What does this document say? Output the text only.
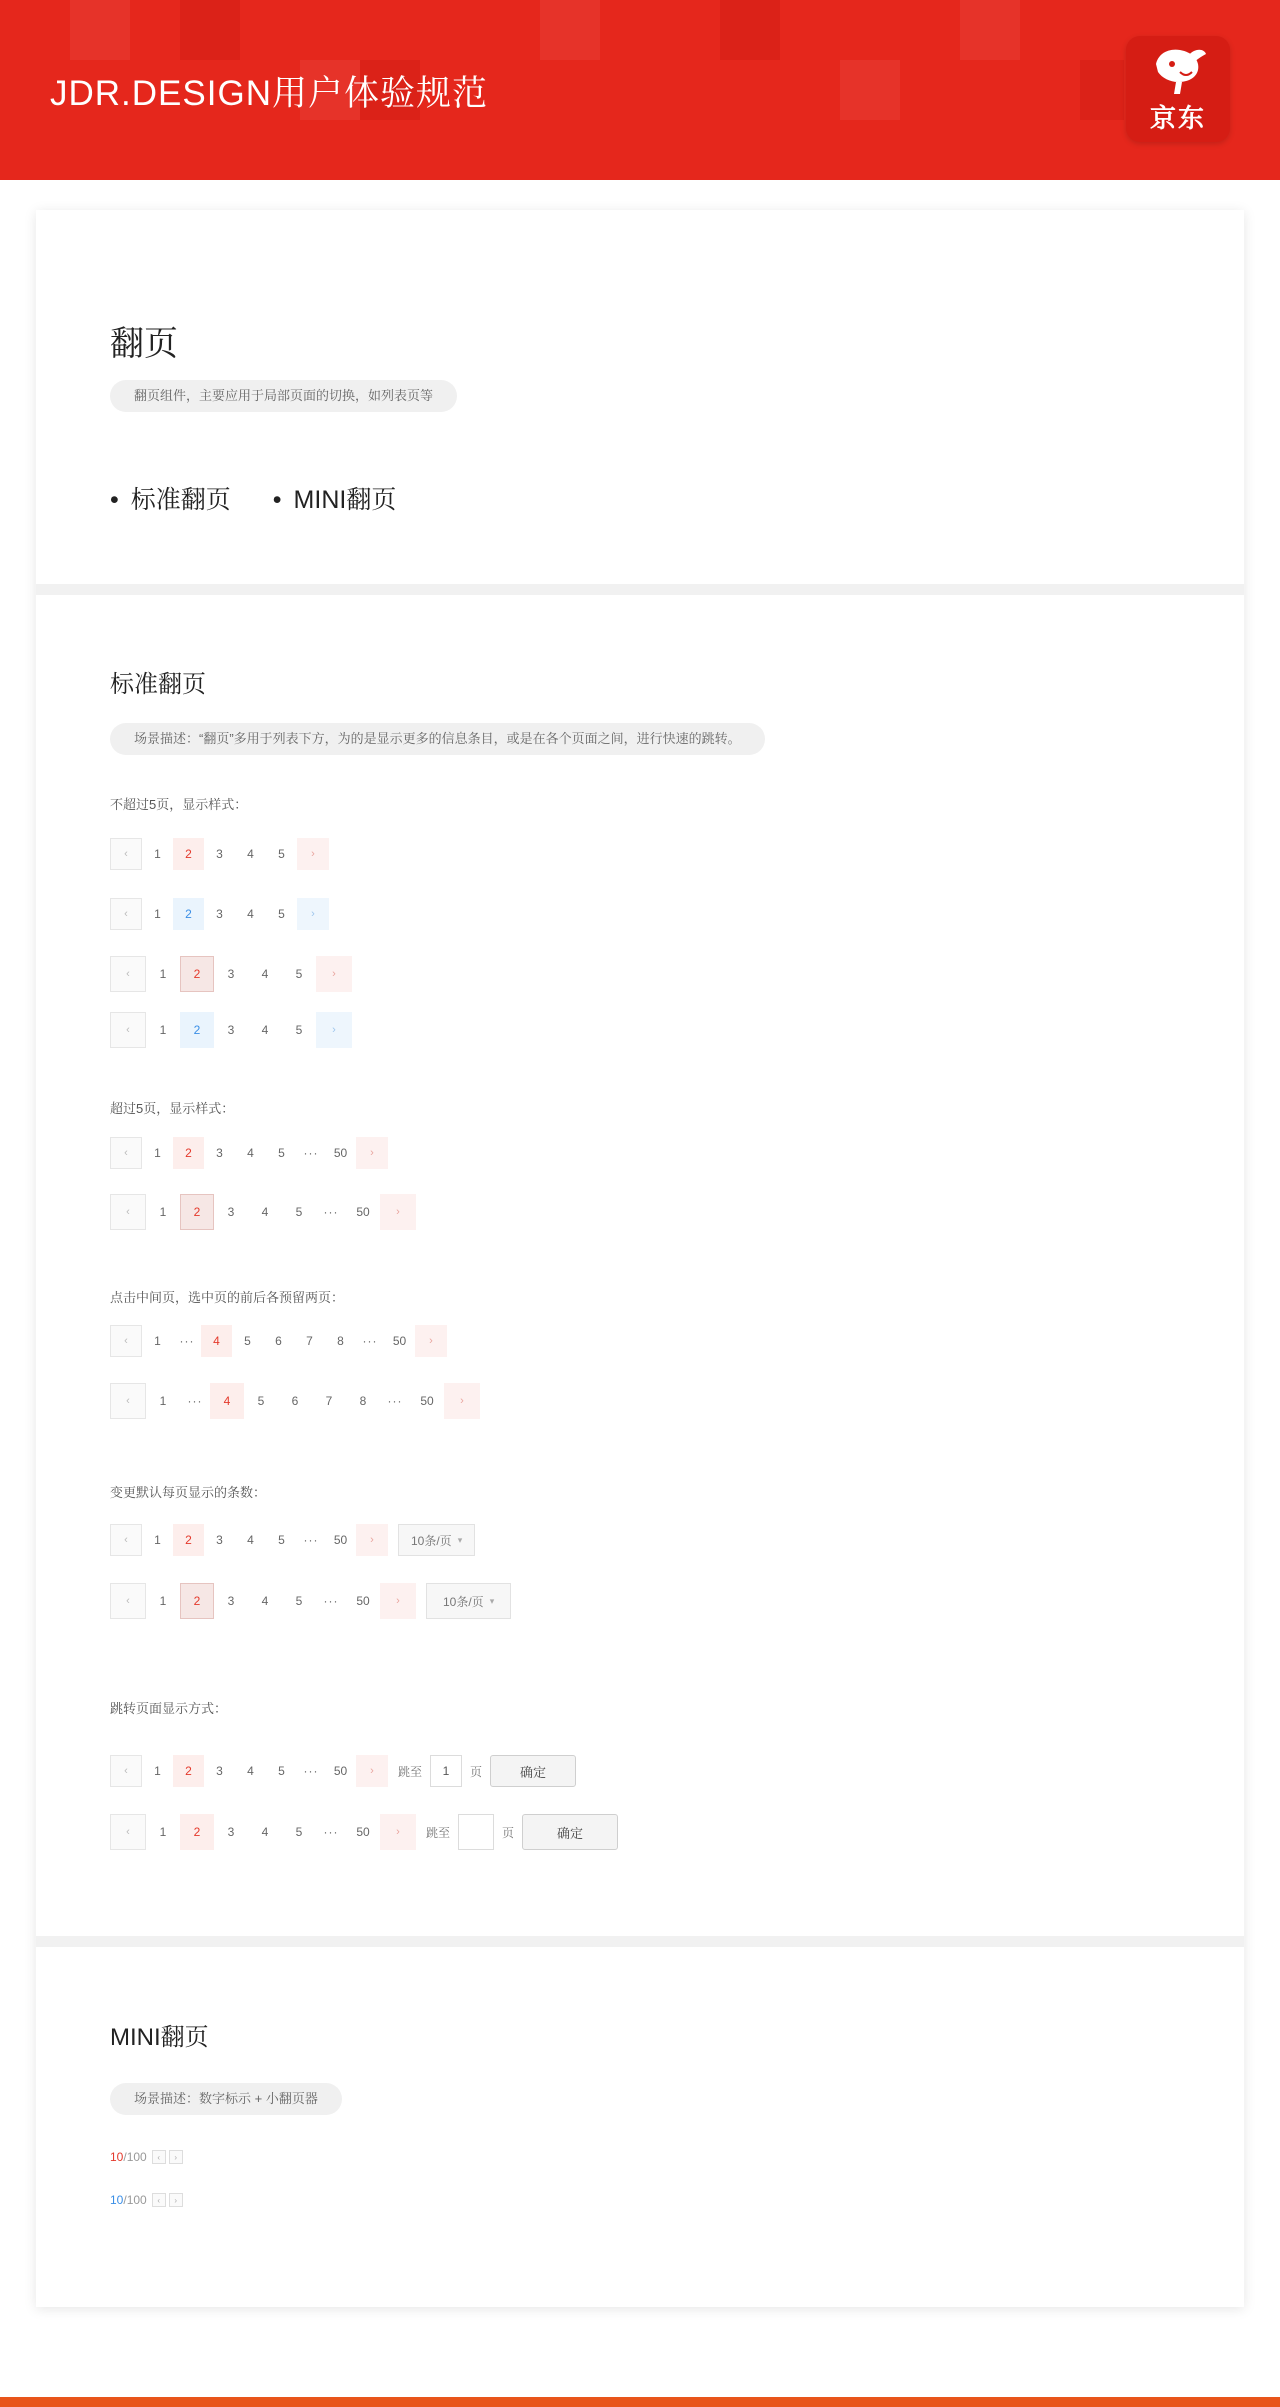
JDR.DESIGN用户体验规范
京东
翻页
翻页组件，主要应用于局部页面的切换，如列表页等
• 标准翻页•	MINI翻页
标准翻页
场景描述：“翻页”多用于列表下方，为的是显示更多的信息条目，或是在各个页面之间，进行快速的跳转。
不超过5页，显示样式：
‹	1	2	3	4	5	›
‹	1	2	3	4	5	›
‹	1	2	3	4	5	›
‹	1	2	3	4	5	›
超过5页，显示样式：
‹	1	2	3	4	5	···	50	›
‹	1	2	3	4	5	···	50	›
点击中间页，选中页的前后各预留两页：
‹	1	···	4	5	6	7	8	···	50	›
‹	1	···	4	5	6	7	8	···	50	›
变更默认每页显示的条数：
‹	1	2	3	4	5	···	50	›	10条/页 ▾
‹	1	2	3	4	5	···	50	›	10条/页 ▾
跳转页面显示方式：
‹	1	2	3	4	5	···	50	›	跳至	1	页	确定
‹	1	2	3	4	5	···	50	›	跳至	页	确定
MINI翻页
场景描述：数字标示 + 小翻页器
10 /100	‹	›
10 /100	‹	›
